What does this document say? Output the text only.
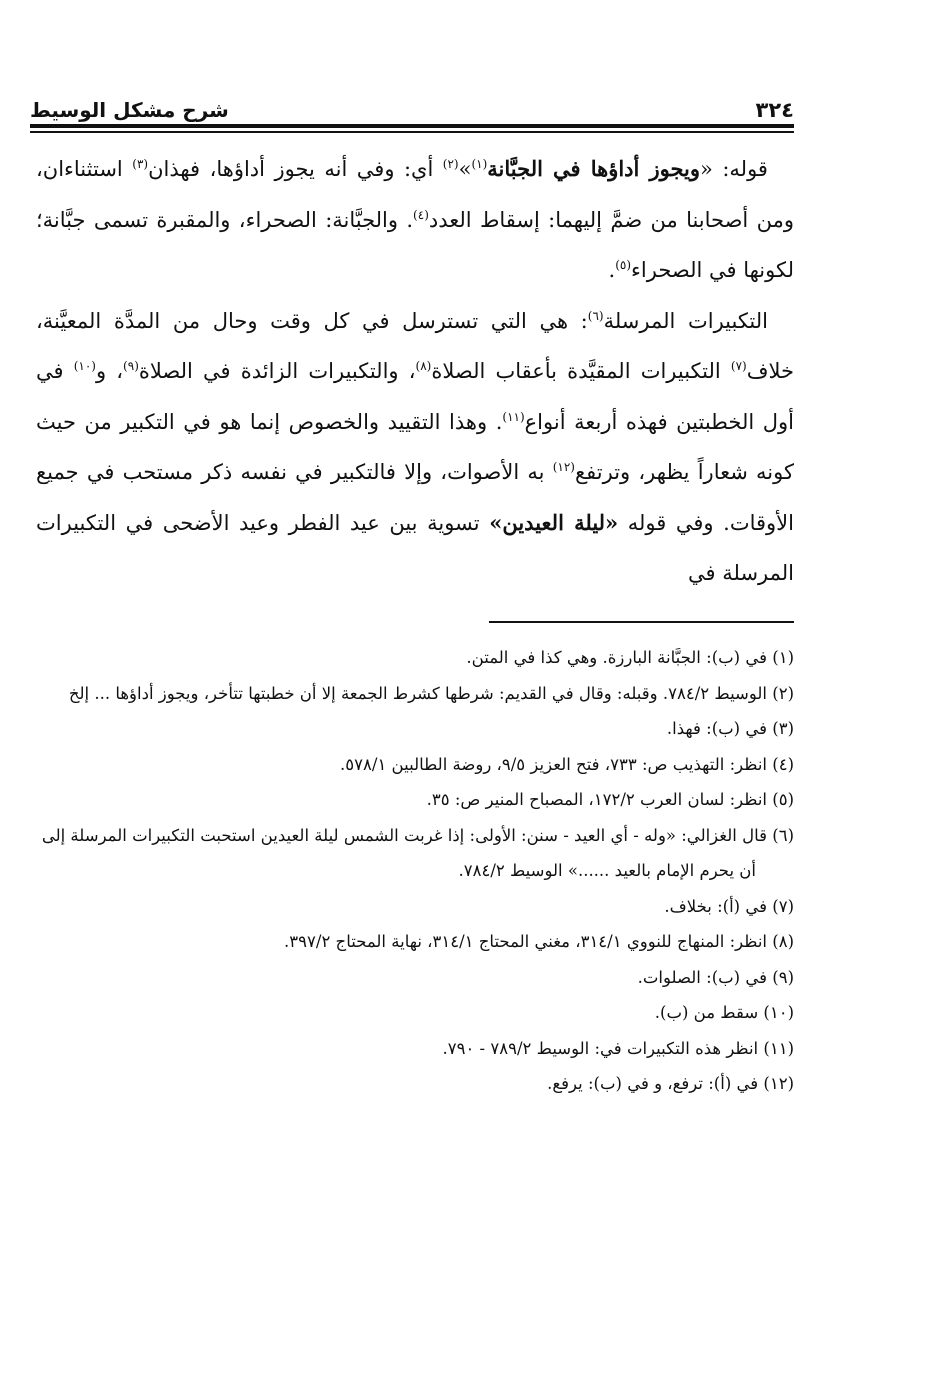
٣٢٤
شرح مشكل الوسيط

قوله: «ويجوز أداؤها في الجبَّانة$^{(١)}$»$^{(٢)}$ أي: وفي أنه يجوز أداؤها، فهذان$^{(٣)}$ استثناءان، ومن أصحابنا من ضمَّ إليهما: إسقاط العدد$^{(٤)}$. والجبَّانة: الصحراء، والمقبرة تسمى جبَّانة؛ لكونها في الصحراء$^{(٥)}$.

التكبيرات المرسلة$^{(٦)}$: هي التي تسترسل في كل وقت وحال من المدَّة المعيَّنة، خلاف$^{(٧)}$ التكبيرات المقيَّدة بأعقاب الصلاة$^{(٨)}$، والتكبيرات الزائدة في الصلاة$^{(٩)}$، و$^{(١٠)}$ في أول الخطبتين فهذه أربعة أنواع$^{(١١)}$. وهذا التقييد والخصوص إنما هو في التكبير من حيث كونه شعاراً يظهر، وترتفع$^{(١٢)}$ به الأصوات، وإلا فالتكبير في نفسه ذكر مستحب في جميع الأوقات. وفي قوله «ليلة العيدين» تسوية بين عيد الفطر وعيد الأضحى في التكبيرات المرسلة في

(١) في (ب): الجبَّانة البارزة. وهي كذا في المتن.

(٢) الوسيط ٧٨٤/٢. وقبله: وقال في القديم: شرطها كشرط الجمعة إلا أن خطبتها تتأخر، ويجوز أداؤها ... إلخ

(٣) في (ب): فهذا.

(٤) انظر: التهذيب ص: ٧٣٣، فتح العزيز ٩/٥، روضة الطالبين ٥٧٨/١.

(٥) انظر: لسان العرب ١٧٢/٢، المصباح المنير ص: ٣٥.

(٦) قال الغزالي: «وله - أي العيد - سنن: الأولى: إذا غربت الشمس ليلة العيدين استحبت التكبيرات المرسلة إلى أن يحرم الإمام بالعيد ......» الوسيط ٧٨٤/٢.

(٧) في (أ): بخلاف.

(٨) انظر: المنهاج للنووي ٣١٤/١، مغني المحتاج ٣١٤/١، نهاية المحتاج ٣٩٧/٢.

(٩) في (ب): الصلوات.

(١٠) سقط من (ب).

(١١) انظر هذه التكبيرات في: الوسيط ٧٨٩/٢ - ٧٩٠.

(١٢) في (أ): ترفع، و في (ب): يرفع.
